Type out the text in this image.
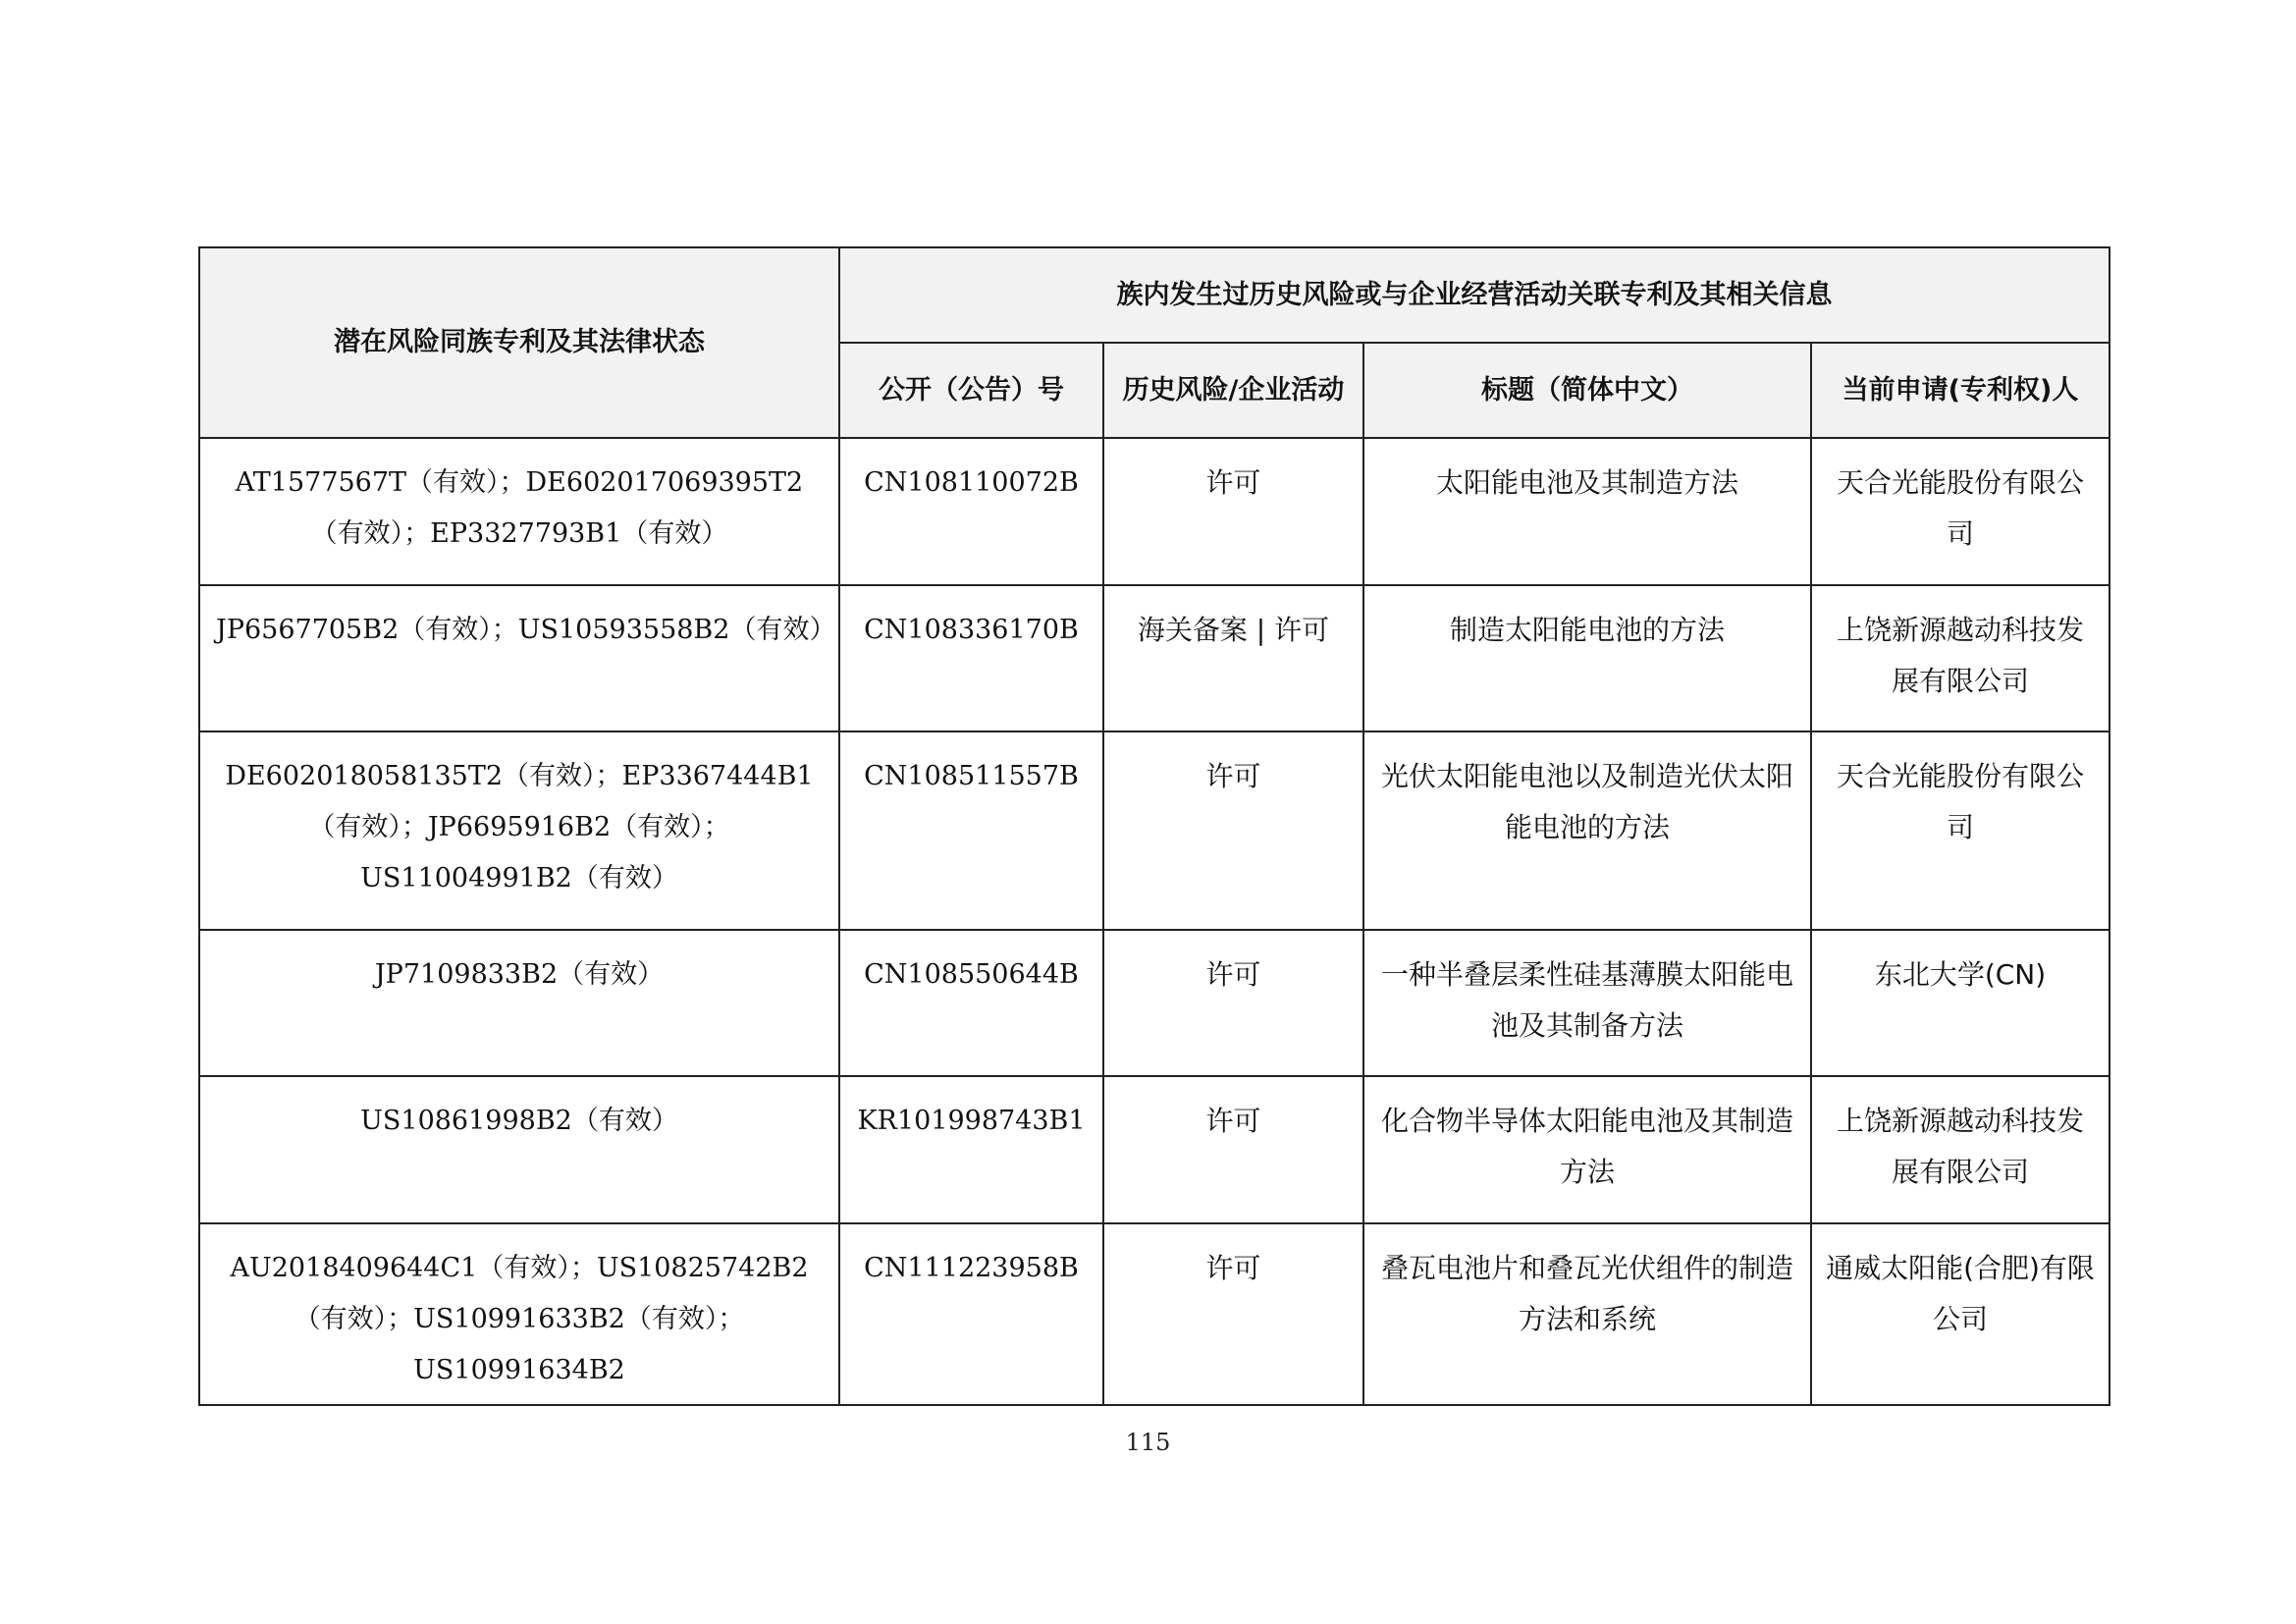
潜在风险同族专利及其法律状态	族内发生过历史风险或与企业经营活动关联专利及其相关信息			
	公开（公告）号	历史风险/企业活动	标题（简体中文）	当前申请(专利权)人
AT1577567T（有效）；DE602017069395T2（有效）；EP3327793B1（有效）	CN108110072B	许可	太阳能电池及其制造方法	天合光能股份有限公司
JP6567705B2（有效）；US10593558B2（有效）	CN108336170B	海关备案 | 许可	制造太阳能电池的方法	上饶新源越动科技发展有限公司
DE602018058135T2（有效）；EP3367444B1（有效）；JP6695916B2（有效）；US11004991B2（有效）	CN108511557B	许可	光伏太阳能电池以及制造光伏太阳能电池的方法	天合光能股份有限公司
JP7109833B2（有效）	CN108550644B	许可	一种半叠层柔性硅基薄膜太阳能电池及其制备方法	东北大学(CN)
US10861998B2（有效）	KR101998743B1	许可	化合物半导体太阳能电池及其制造方法	上饶新源越动科技发展有限公司
AU2018409644C1（有效）；US10825742B2（有效）；US10991633B2（有效）；US10991634B2	CN111223958B	许可	叠瓦电池片和叠瓦光伏组件的制造方法和系统	通威太阳能(合肥)有限公司
115
